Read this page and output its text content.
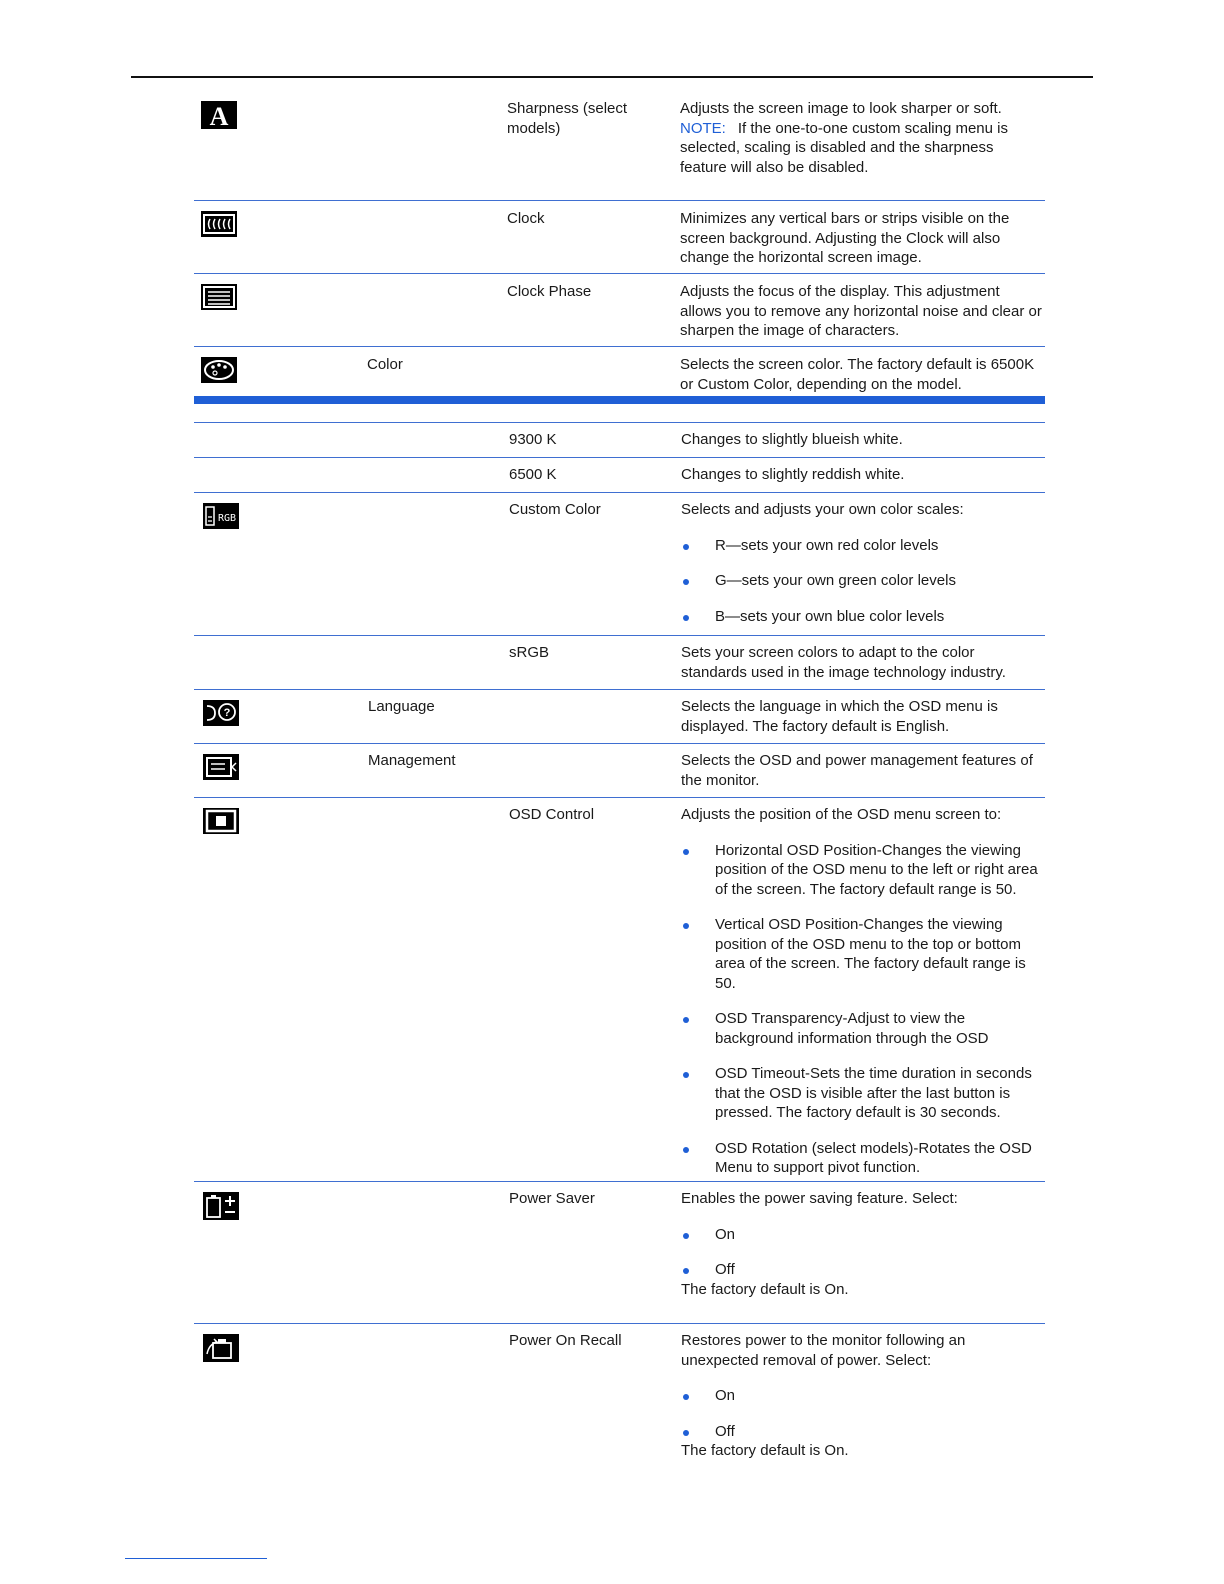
A	Sharpness (select models)

Adjusts the screen image to look sharper or soft.

NOTE: If the one-to-one custom scaling menu is selected, scaling is disabled and the sharpness feature will also be disabled.

Clock	Minimizes any vertical bars or strips visible on the screen background. Adjusting the Clock will also change the horizontal screen image.
Clock Phase	Adjusts the focus of the display. This adjustment allows you to remove any horizontal noise and clear or sharpen the image of characters.
Color	Selects the screen color. The factory default is 6500K or Custom Color, depending on the model.
9300 K	Changes to slightly blueish white.
6500 K	Changes to slightly reddish white.
RGB
Custom Color	Selects and adjusts your own color scales:

R—sets your own red color levels
G—sets your own green color levels
B—sets your own blue color levels
sRGB	Sets your screen colors to adapt to the color standards used in the image technology industry.
?	Language	Selects the language in which the OSD menu is displayed. The factory default is English.
Management	Selects the OSD and power management features of the monitor.
OSD Control	Adjusts the position of the OSD menu screen to:

Horizontal OSD Position-Changes the viewing position of the OSD menu to the left or right area of the screen. The factory default range is 50.
Vertical OSD Position-Changes the viewing position of the OSD menu to the top or bottom area of the screen. The factory default range is 50.
OSD Transparency-Adjust to view the background information through the OSD
OSD Timeout-Sets the time duration in seconds that the OSD is visible after the last button is pressed. The factory default is 30 seconds.
OSD Rotation (select models)-Rotates the OSD Menu to support pivot function.
Power Saver	Enables the power saving feature. Select:

On
Off

The factory default is On.

Power On Recall	Restores power to the monitor following an unexpected removal of power. Select:

On
Off

The factory default is On.
